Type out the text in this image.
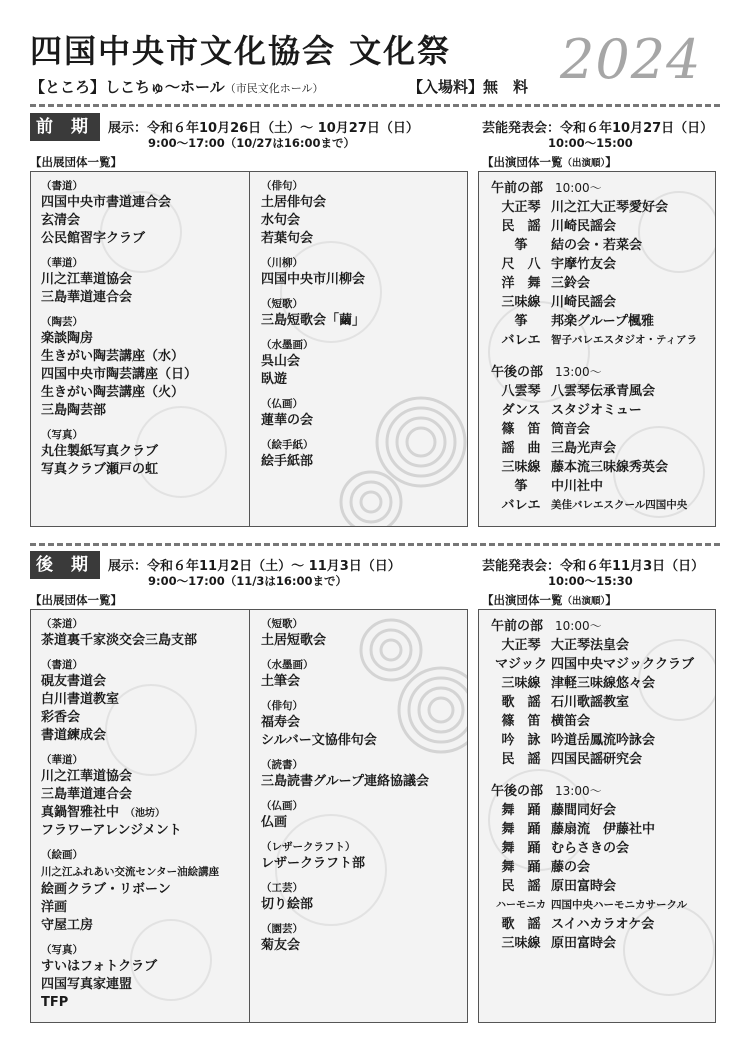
四国中央市文化協会 文化祭 2024
【ところ】しこちゅ～ホール（市民文化ホール）	【入場料】無　料
前 期	展示：令和６年10月26日（土）～ 10月27日（日）
9:00～17:00（10/27は16:00まで）
芸能発表会：令和６年10月27日（日）
10:00～15:00
【出展団体一覧】	【出演団体一覧（出演順）】
（書道）
四国中央市書道連合会
玄清会
公民館習字クラブ
（華道）
川之江華道協会
三島華道連合会
（陶芸）
楽談陶房
生きがい陶芸講座（水）
四国中央市陶芸講座（日）
生きがい陶芸講座（火）
三島陶芸部
（写真）
丸住製紙写真クラブ
写真クラブ瀬戸の虹
（俳句）
土居俳句会
水句会
若葉句会
（川柳）
四国中央市川柳会
（短歌）
三島短歌会「繭」
（水墨画）
呉山会
臥遊
（仏画）
蓮華の会
（絵手紙）
絵手紙部
午前の部 10:00～
大正琴 川之江大正琴愛好会
民　謡 川崎民謡会
筝	結の会・若菜会
尺　八 宇摩竹友会
洋　舞 三鈴会
三味線 川崎民謡会
筝	邦楽グループ楓雅
バレエ	智子バレエスタジオ・ティアラ
午後の部 13:00～
八雲琴 八雲琴伝承青風会
ダンス スタジオミュー
篠　笛 筒音会
謡　曲 三島光声会
三味線 藤本流三味線秀英会
筝	中川社中
バレエ	美佳バレエスクール四国中央
後 期	展示：令和６年11月2日（土）～ 11月3日（日）
9:00～17:00（11/3は16:00まで）
芸能発表会：令和６年11月3日（日）
10:00～15:30
【出展団体一覧】	【出演団体一覧（出演順）】
（茶道）
茶道裏千家淡交会三島支部
（書道）
硯友書道会
白川書道教室
彩香会
書道練成会
（華道）
川之江華道協会
三島華道連合会
真鍋智雅社中 （池坊）
フラワーアレンジメント
（絵画）
川之江ふれあい交流センター油絵講座
絵画クラブ・リボーン
洋画
守屋工房
（写真）
すいはフォトクラブ
四国写真家連盟
TFP
（短歌）
土居短歌会
（水墨画）
土筆会
（俳句）
福寿会
シルバー文協俳句会
（読書）
三島読書グループ連絡協議会
（仏画）
仏画
（レザークラフト）
レザークラフト部
（工芸）
切り絵部
（園芸）
菊友会
午前の部 10:00～
大正琴 大正琴法皇会
マジック 四国中央マジッククラブ
三味線 津軽三味線悠々会
歌　謡 石川歌謡教室
篠　笛 横笛会
吟　詠 吟道岳鳳流吟詠会
民　謡 四国民謡研究会
午後の部 13:00～
舞　踊 藤間同好会
舞　踊 藤扇流　伊藤社中
舞　踊 むらさきの会
舞　踊 藤の会
民　謡 原田富時会
ハーモニカ 四国中央ハーモニカサークル
歌　謡 スイハカラオケ会
三味線 原田富時会
